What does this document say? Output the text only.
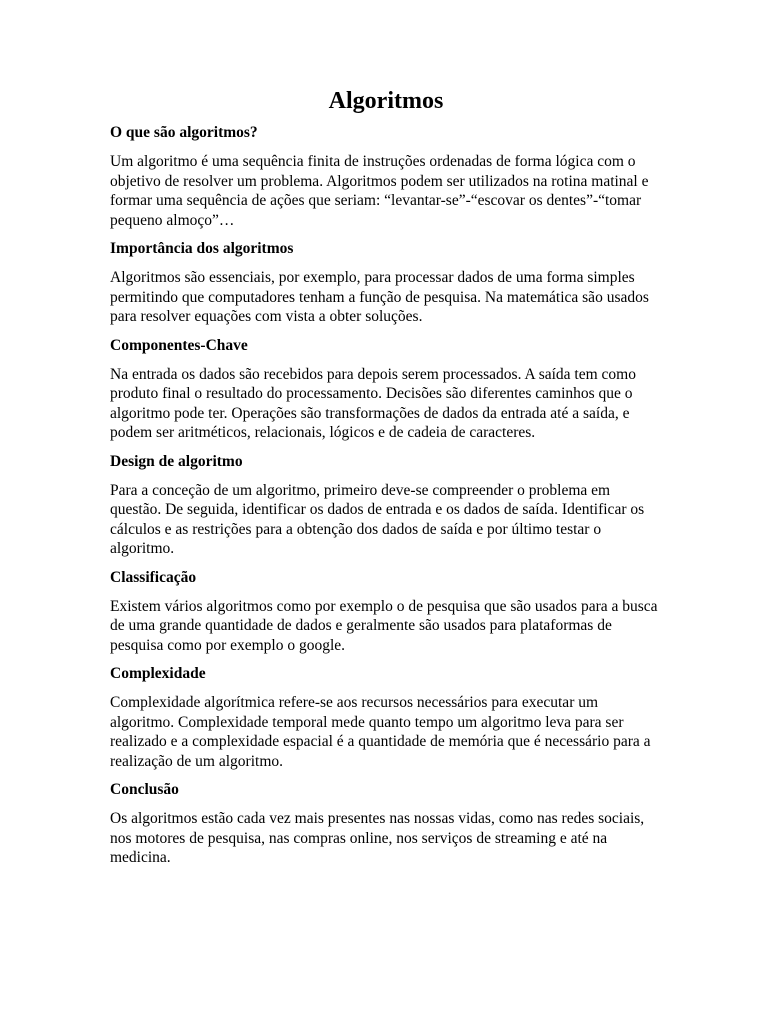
Algoritmos

O que são algoritmos?

Um algoritmo é uma sequência finita de instruções ordenadas de forma lógica com o objetivo de resolver um problema. Algoritmos podem ser utilizados na rotina matinal e formar uma sequência de ações que seriam: “levantar-se”-“escovar os dentes”-“tomar pequeno almoço”…

Importância dos algoritmos

Algoritmos são essenciais, por exemplo, para processar dados de uma forma simples permitindo que computadores tenham a função de pesquisa. Na matemática são usados para resolver equações com vista a obter soluções.

Componentes-Chave

Na entrada os dados são recebidos para depois serem processados. A saída tem como produto final o resultado do processamento. Decisões são diferentes caminhos que o algoritmo pode ter. Operações são transformações de dados da entrada até a saída, e podem ser aritméticos, relacionais, lógicos e de cadeia de caracteres.

Design de algoritmo

Para a conceção de um algoritmo, primeiro deve-se compreender o problema em questão. De seguida, identificar os dados de entrada e os dados de saída. Identificar os cálculos e as restrições para a obtenção dos dados de saída e por último testar o algoritmo.

Classificação

Existem vários algoritmos como por exemplo o de pesquisa que são usados para a busca de uma grande quantidade de dados e geralmente são usados para plataformas de pesquisa como por exemplo o google.

Complexidade

Complexidade algorítmica refere-se aos recursos necessários para executar um algoritmo. Complexidade temporal mede quanto tempo um algoritmo leva para ser realizado e a complexidade espacial é a quantidade de memória que é necessário para a realização de um algoritmo.

Conclusão

Os algoritmos estão cada vez mais presentes nas nossas vidas, como nas redes sociais, nos motores de pesquisa, nas compras online, nos serviços de streaming e até na medicina.
